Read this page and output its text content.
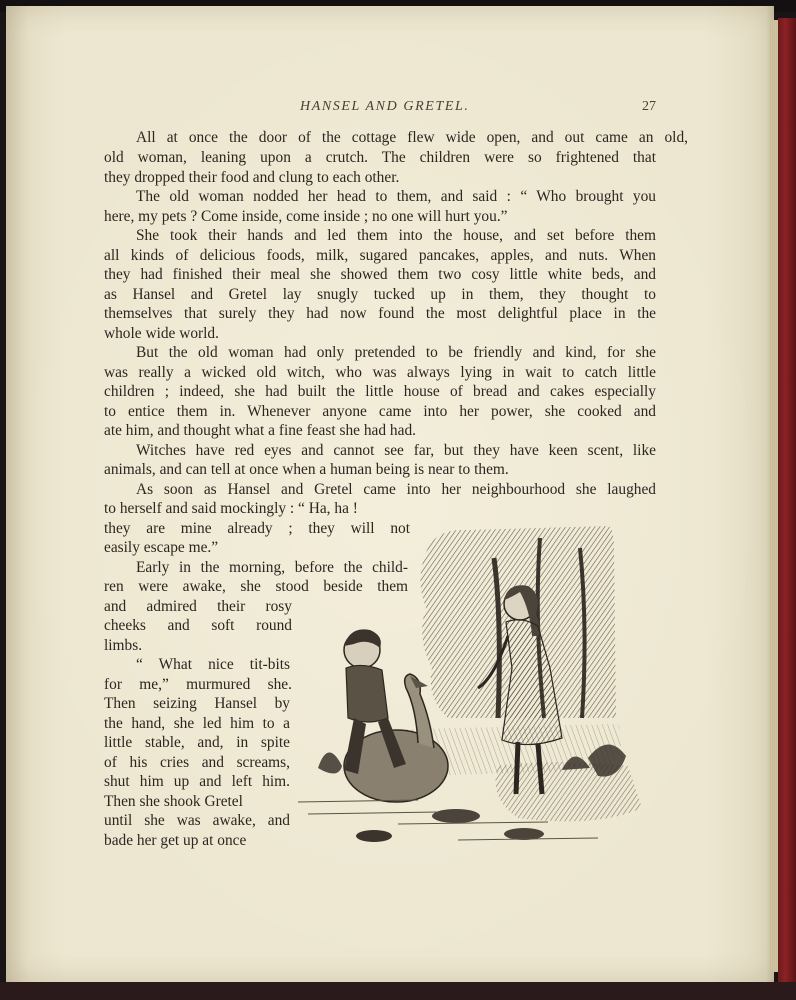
HANSEL AND GRETEL.	27
All at once the door of the cottage flew wide open, and out came an old,
old woman, leaning upon a crutch. The children were so frightened that
they dropped their food and clung to each other.
The old woman nodded her head to them, and said : “ Who brought you
here, my pets ? Come inside, come inside ; no one will hurt you.”
She took their hands and led them into the house, and set before them
all kinds of delicious foods, milk, sugared pancakes, apples, and nuts. When
they had finished their meal she showed them two cosy little white beds, and
as Hansel and Gretel lay snugly tucked up in them, they thought to
themselves that surely they had now found the most delightful place in the
whole wide world.
But the old woman had only pretended to be friendly and kind, for she
was really a wicked old witch, who was always lying in wait to catch little
children ; indeed, she had built the little house of bread and cakes especially
to entice them in. Whenever anyone came into her power, she cooked and
ate him, and thought what a fine feast she had had.
Witches have red eyes and cannot see far, but they have keen scent, like
animals, and can tell at once when a human being is near to them.
As soon as Hansel and Gretel came into her neighbourhood she laughed
to herself and said mockingly : “ Ha, ha !
they are mine already ; they will not
easily escape me.”
Early in the morning, before the child-
ren were awake, she stood beside them
and admired their rosy
cheeks and soft round
limbs.
“ What nice tit-bits
for me,” murmured she.
Then seizing Hansel by
the hand, she led him to a
little stable, and, in spite
of his cries and screams,
shut him up and left him.
Then she shook Gretel
until she was awake, and
bade her get up at once
